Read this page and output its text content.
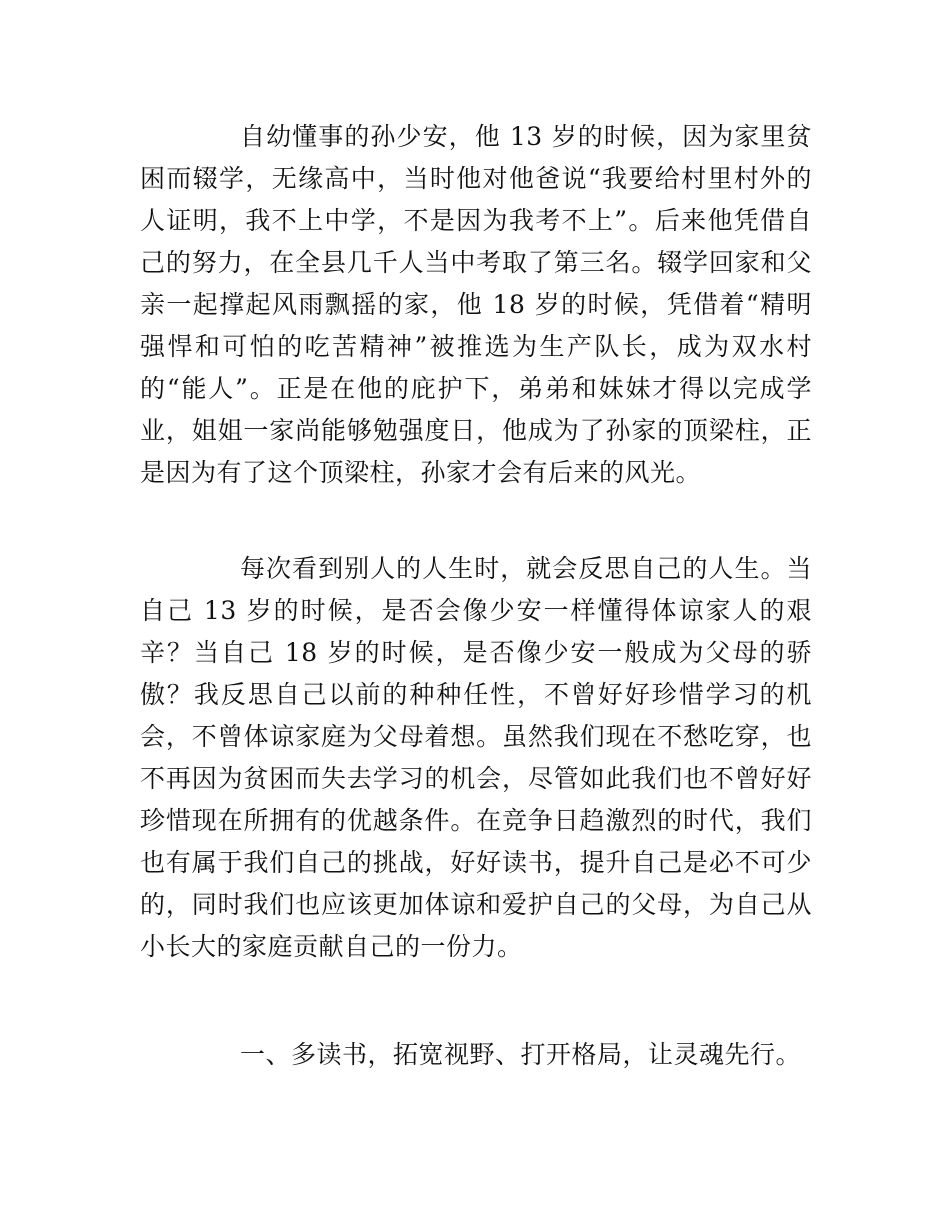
自幼懂事的孙少安，他 13 岁的时候，因为家里贫困而辍学，无缘高中，当时他对他爸说“我要给村里村外的人证明，我不上中学，不是因为我考不上”。后来他凭借自己的努力，在全县几千人当中考取了第三名。辍学回家和父亲一起撑起风雨飘摇的家，他 18 岁的时候，凭借着“精明强悍和可怕的吃苦精神”被推选为生产队长，成为双水村的“能人”。正是在他的庇护下，弟弟和妹妹才得以完成学业，姐姐一家尚能够勉强度日，他成为了孙家的顶梁柱，正是因为有了这个顶梁柱，孙家才会有后来的风光。

每次看到别人的人生时，就会反思自己的人生。当自己 13 岁的时候，是否会像少安一样懂得体谅家人的艰辛？当自己 18 岁的时候，是否像少安一般成为父母的骄傲？我反思自己以前的种种任性，不曾好好珍惜学习的机会，不曾体谅家庭为父母着想。虽然我们现在不愁吃穿，也不再因为贫困而失去学习的机会，尽管如此我们也不曾好好珍惜现在所拥有的优越条件。在竞争日趋激烈的时代，我们也有属于我们自己的挑战，好好读书，提升自己是必不可少的，同时我们也应该更加体谅和爱护自己的父母，为自己从小长大的家庭贡献自己的一份力。

一、多读书，拓宽视野、打开格局，让灵魂先行。
